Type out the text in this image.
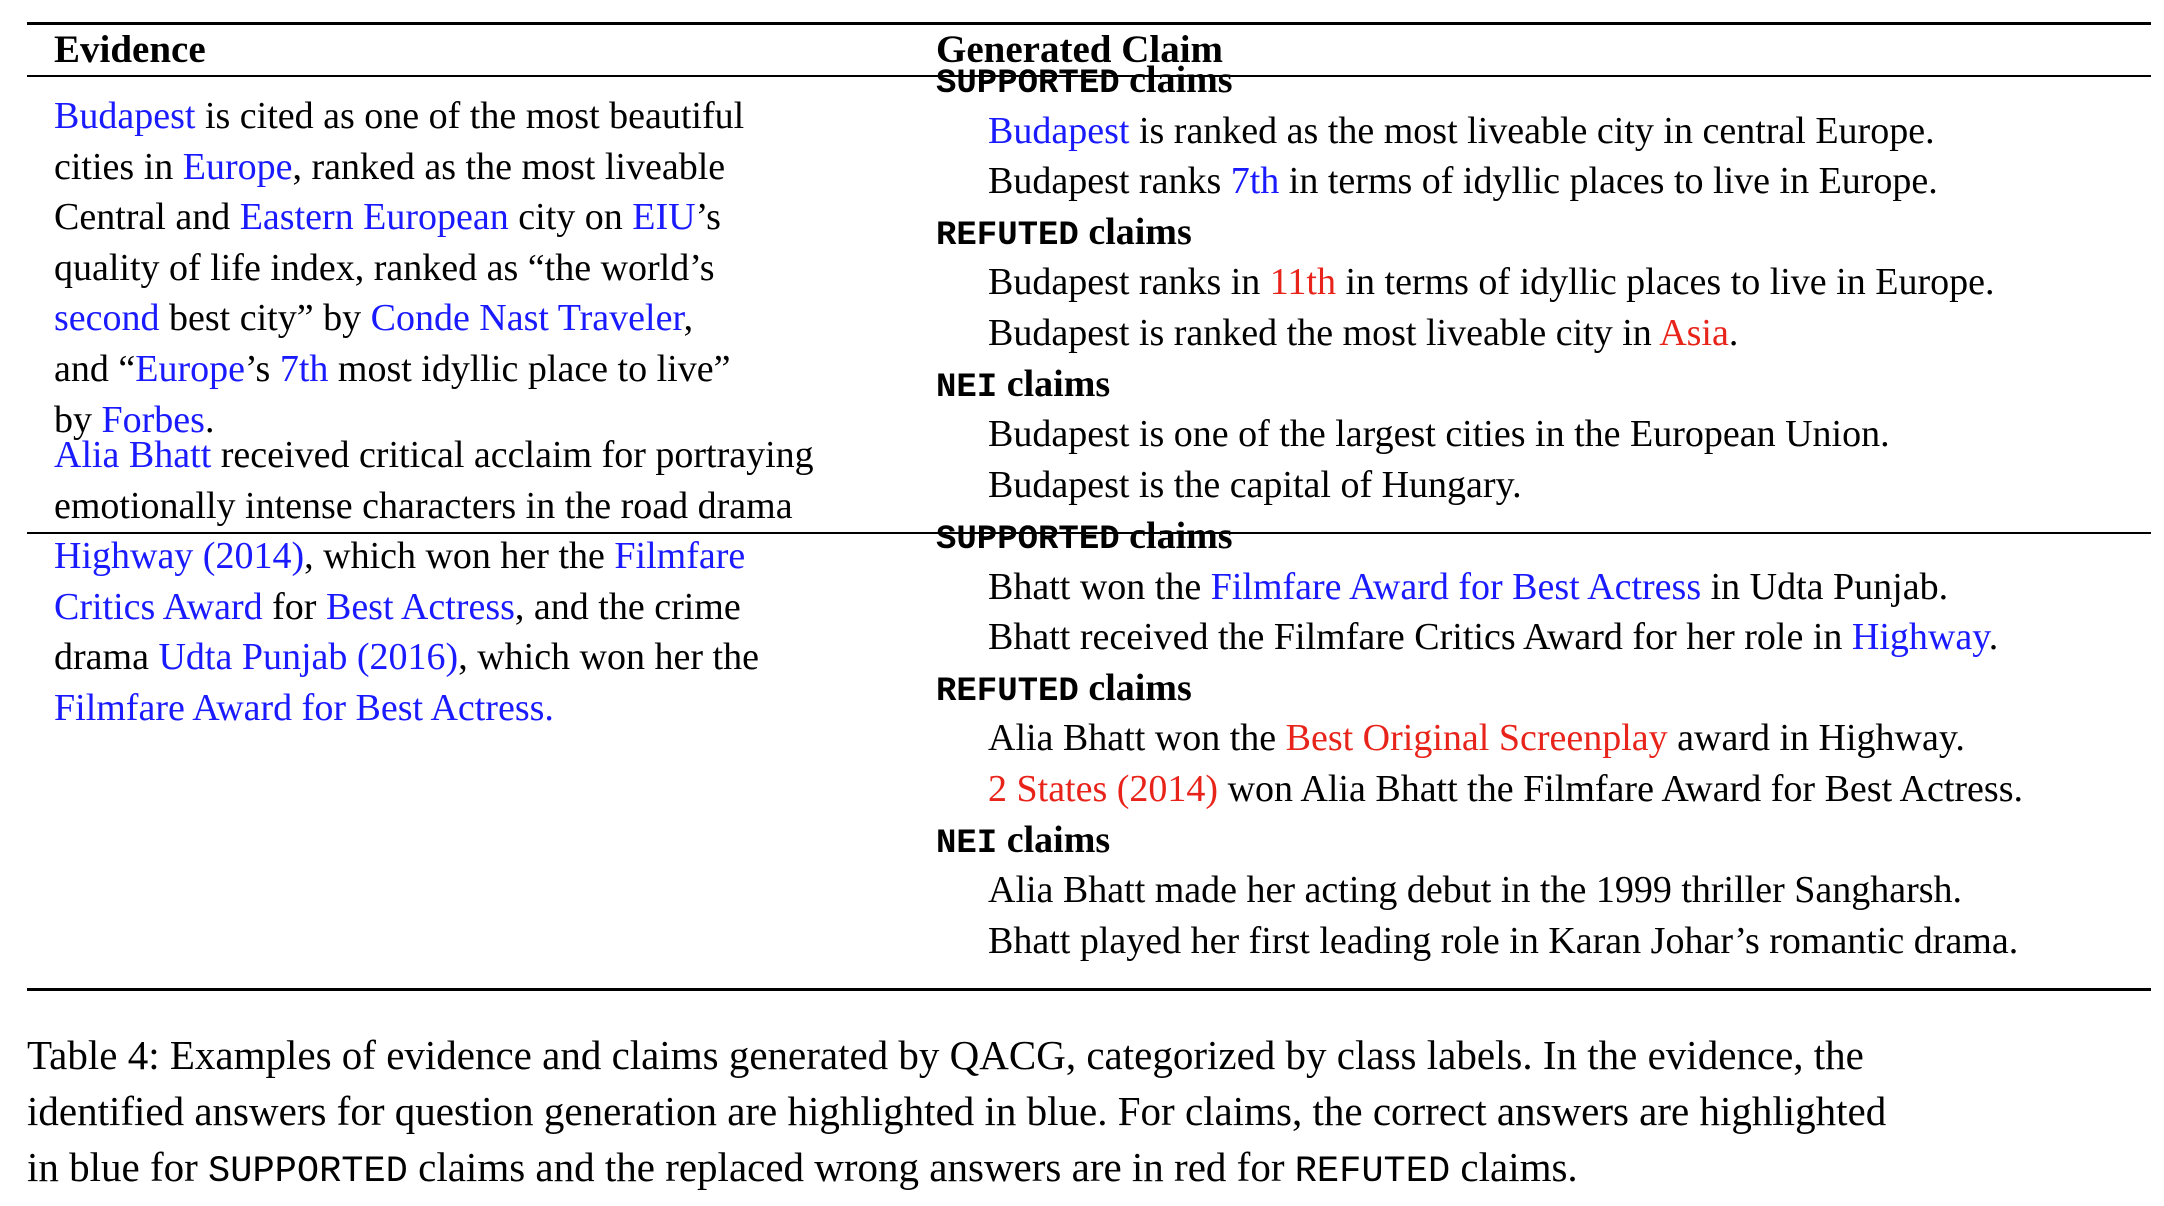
Evidence	Generated Claim
Budapest is cited as one of the most beautiful
cities in Europe, ranked as the most liveable
Central and Eastern European city on EIU’s
quality of life index, ranked as “the world’s
second best city” by Conde Nast Traveler,
and “Europe’s 7th most idyllic place to live”
by Forbes.
SUPPORTED claims
Budapest is ranked as the most liveable city in central Europe.
Budapest ranks 7th in terms of idyllic places to live in Europe.
REFUTED claims
Budapest ranks in 11th in terms of idyllic places to live in Europe.
Budapest is ranked the most liveable city in Asia.
NEI claims
Budapest is one of the largest cities in the European Union.
Budapest is the capital of Hungary.
Alia Bhatt received critical acclaim for portraying
emotionally intense characters in the road drama
Highway (2014), which won her the Filmfare
Critics Award for Best Actress, and the crime
drama Udta Punjab (2016), which won her the
Filmfare Award for Best Actress.
SUPPORTED claims
Bhatt won the Filmfare Award for Best Actress in Udta Punjab.
Bhatt received the Filmfare Critics Award for her role in Highway.
REFUTED claims
Alia Bhatt won the Best Original Screenplay award in Highway.
2 States (2014) won Alia Bhatt the Filmfare Award for Best Actress.
NEI claims
Alia Bhatt made her acting debut in the 1999 thriller Sangharsh.
Bhatt played her first leading role in Karan Johar’s romantic drama.
Table 4: Examples of evidence and claims generated by QACG, categorized by class labels. In the evidence, the
identified answers for question generation are highlighted in blue. For claims, the correct answers are highlighted
in blue for SUPPORTED claims and the replaced wrong answers are in red for REFUTED claims.
